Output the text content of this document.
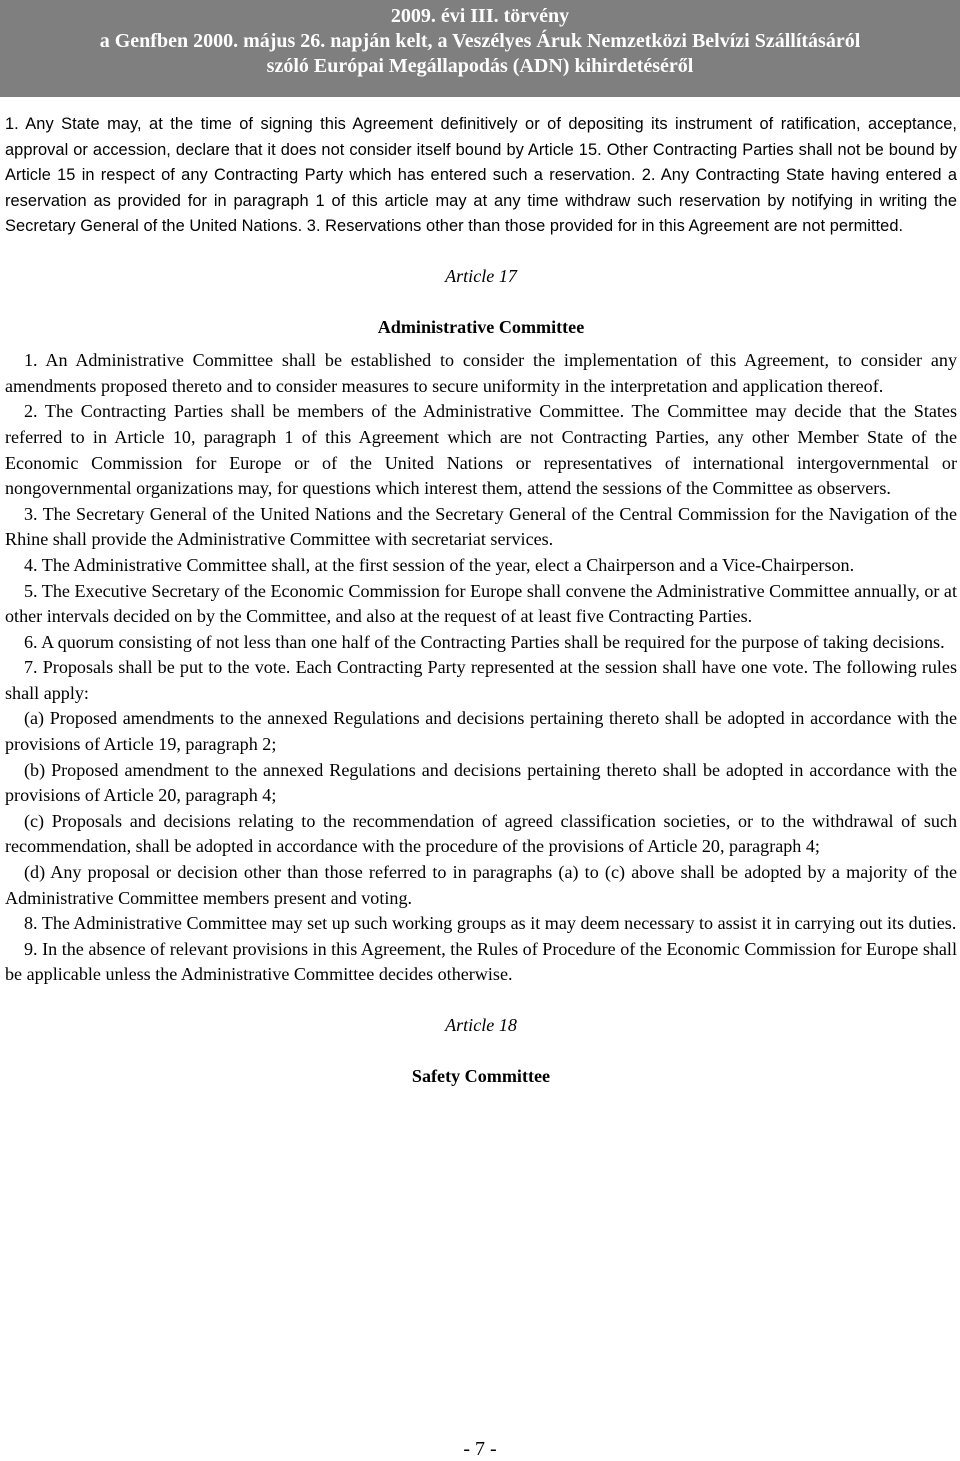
2009. évi III. törvény
a Genfben 2000. május 26. napján kelt, a Veszélyes Áruk Nemzetközi Belvízi Szállításáról
szóló Európai Megállapodás (ADN) kihirdetéséről

1. Any State may, at the time of signing this Agreement definitively or of depositing its instrument of ratification, acceptance, approval or accession, declare that it does not consider itself bound by Article 15. Other Contracting Parties shall not be bound by Article 15 in respect of any Contracting Party which has entered such a reservation. 2. Any Contracting State having entered a reservation as provided for in paragraph 1 of this article may at any time withdraw such reservation by notifying in writing the Secretary General of the United Nations. 3. Reservations other than those provided for in this Agreement are not permitted.

Article 17

Administrative Committee

1. An Administrative Committee shall be established to consider the implementation of this Agreement, to consider any amendments proposed thereto and to consider measures to secure uniformity in the interpretation and application thereof.

2. The Contracting Parties shall be members of the Administrative Committee. The Committee may decide that the States referred to in Article 10, paragraph 1 of this Agreement which are not Contracting Parties, any other Member State of the Economic Commission for Europe or of the United Nations or representatives of international intergovernmental or nongovernmental organizations may, for questions which interest them, attend the sessions of the Committee as observers.

3. The Secretary General of the United Nations and the Secretary General of the Central Commission for the Navigation of the Rhine shall provide the Administrative Committee with secretariat services.

4. The Administrative Committee shall, at the first session of the year, elect a Chairperson and a Vice-Chairperson.

5. The Executive Secretary of the Economic Commission for Europe shall convene the Administrative Committee annually, or at other intervals decided on by the Committee, and also at the request of at least five Contracting Parties.

6. A quorum consisting of not less than one half of the Contracting Parties shall be required for the purpose of taking decisions.

7. Proposals shall be put to the vote. Each Contracting Party represented at the session shall have one vote. The following rules shall apply:

(a) Proposed amendments to the annexed Regulations and decisions pertaining thereto shall be adopted in accordance with the provisions of Article 19, paragraph 2;

(b) Proposed amendment to the annexed Regulations and decisions pertaining thereto shall be adopted in accordance with the provisions of Article 20, paragraph 4;

(c) Proposals and decisions relating to the recommendation of agreed classification societies, or to the withdrawal of such recommendation, shall be adopted in accordance with the procedure of the provisions of Article 20, paragraph 4;

(d) Any proposal or decision other than those referred to in paragraphs (a) to (c) above shall be adopted by a majority of the Administrative Committee members present and voting.

8. The Administrative Committee may set up such working groups as it may deem necessary to assist it in carrying out its duties.

9. In the absence of relevant provisions in this Agreement, the Rules of Procedure of the Economic Commission for Europe shall be applicable unless the Administrative Committee decides otherwise.

Article 18

Safety Committee

- 7 -
